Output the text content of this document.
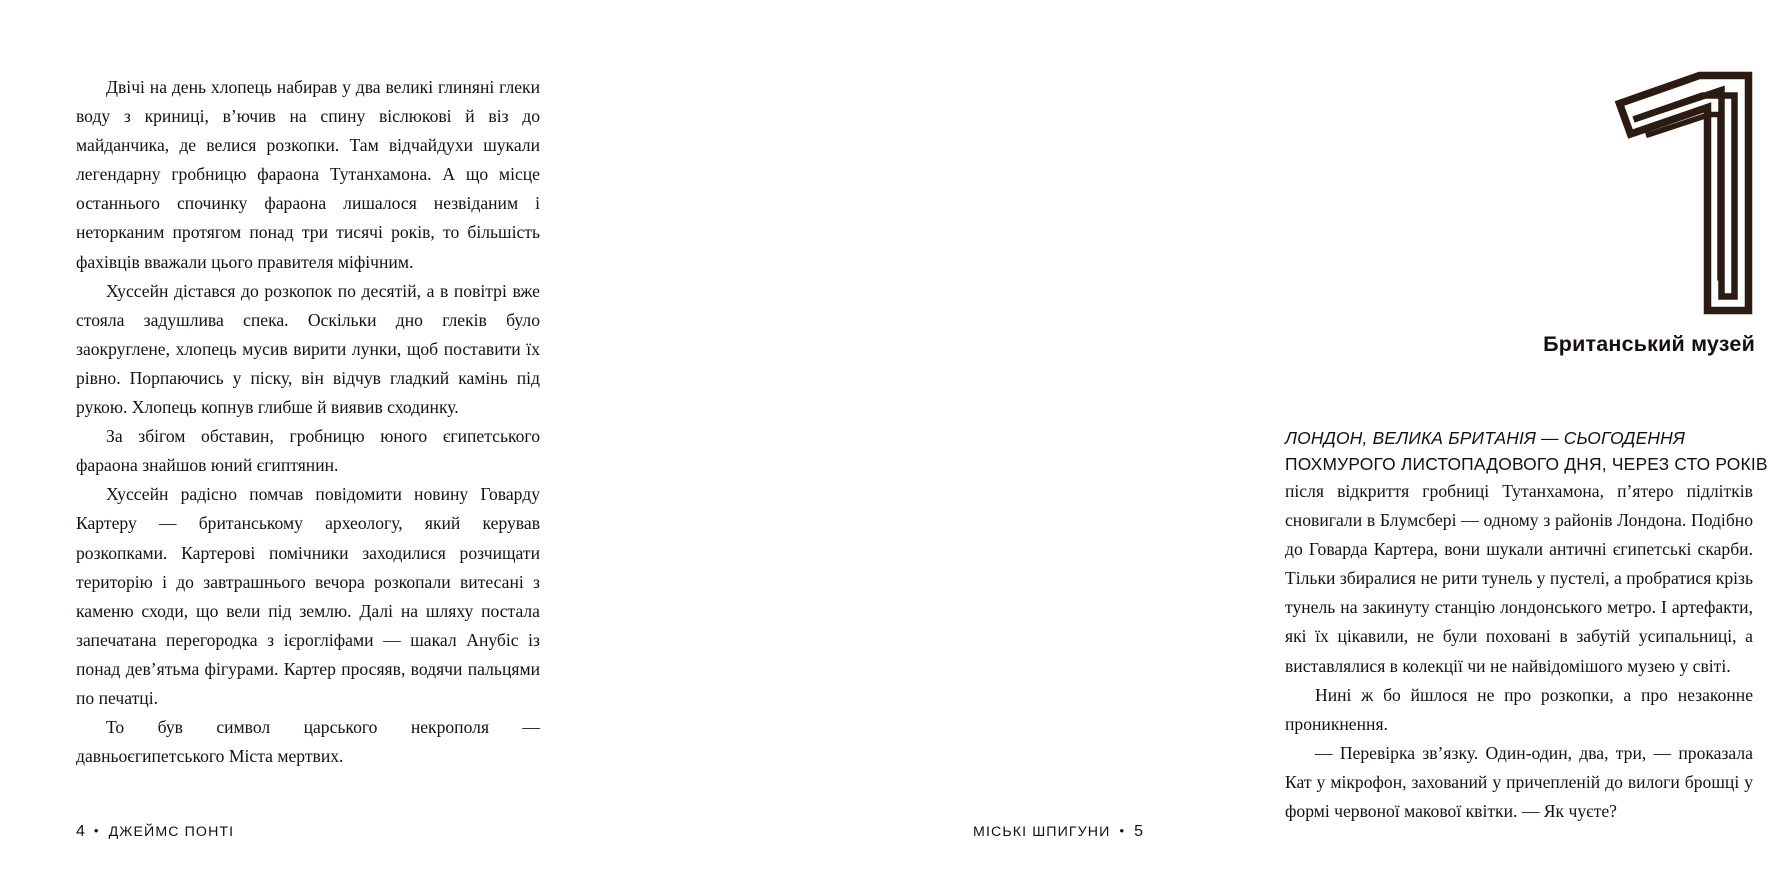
Двічі на день хлопець набирав у два великі глиняні глеки воду з криниці, в’ючив на спину віслюкові й віз до майданчика, де велися розкопки. Там відчайдухи шукали легендарну гробницю фараона Тутанхамона. А що місце останнього спочинку фараона лишалося незвіданим і неторканим протягом понад три тисячі років, то більшість фахівців вважали цього правителя міфічним.

Хуссейн дістався до розкопок по десятій, а в повітрі вже стояла задушлива спека. Оскільки дно глеків було заокруглене, хлопець мусив вирити лунки, щоб поставити їх рівно. Порпаючись у піску, він відчув гладкий камінь під рукою. Хлопець копнув глибше й виявив сходинку.

За збігом обставин, гробницю юного єгипетського фараона знайшов юний єгиптянин.

Хуссейн радісно помчав повідомити новину Говарду Картеру — британському археологу, який керував розкопками. Картерові помічники заходилися розчищати територію і до завтрашнього вечора розкопали витесані з каменю сходи, що вели під землю. Далі на шляху постала запечатана перегородка з ієрогліфами — шакал Анубіс із понад дев’ятьма фігурами. Картер просяяв, водячи пальцями по печатці.

То був символ царського некрополя — давньоєгипетського Міста мертвих.

4 • ДЖЕЙМС ПОНТІ
Британський музей
ЛОНДОН, ВЕЛИКА БРИТАНІЯ — СЬОГОДЕННЯ
ПОХМУРОГО ЛИСТОПАДОВОГО ДНЯ, ЧЕРЕЗ СТО РОКІВ

після відкриття гробниці Тутанхамона, п’ятеро підлітків сновигали в Блумсбері — одному з районів Лондона. Подібно до Говарда Картера, вони шукали античні єгипетські скарби. Тільки збиралися не рити тунель у пустелі, а пробратися крізь тунель на закинуту станцію лондонського метро. І артефакти, які їх цікавили, не були поховані в забутій усипальниці, а виставлялися в колекції чи не найвідомішого музею у світі.

Нині ж бо йшлося не про розкопки, а про незаконне проникнення.

— Перевірка зв’язку. Один-один, два, три, — проказала Кат у мікрофон, захований у причепленій до вилоги брошці у формі червоної макової квітки. — Як чуєте?

МІСЬКІ ШПИГУНИ • 5
